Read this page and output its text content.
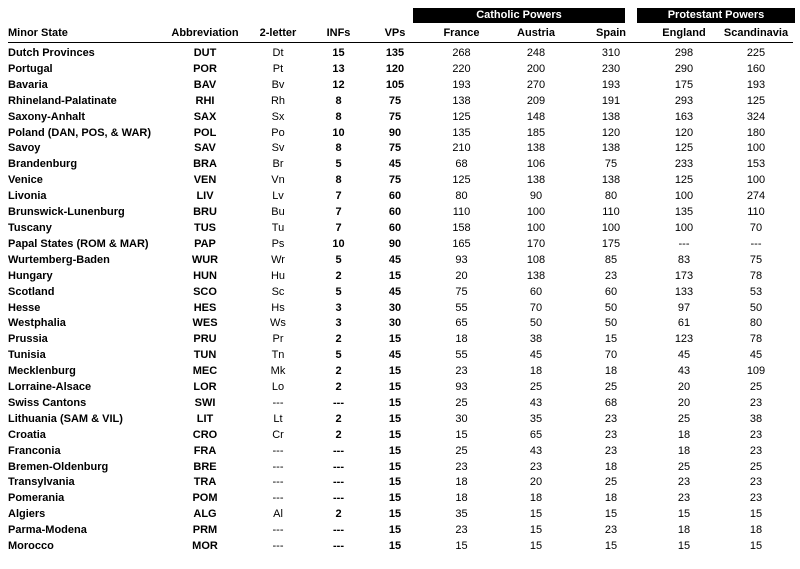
Catholic Powers	Protestant Powers
Minor State	Abbreviation	2-letter	INFs	VPs	France	Austria	Spain	England	Scandinavia
Dutch Provinces	DUT	Dt	15	135	268	248	310	298	225
Portugal	POR	Pt	13	120	220	200	230	290	160
Bavaria	BAV	Bv	12	105	193	270	193	175	193
Rhineland-Palatinate	RHI	Rh	8	75	138	209	191	293	125
Saxony-Anhalt	SAX	Sx	8	75	125	148	138	163	324
Poland (DAN, POS, & WAR)	POL	Po	10	90	135	185	120	120	180
Savoy	SAV	Sv	8	75	210	138	138	125	100
Brandenburg	BRA	Br	5	45	68	106	75	233	153
Venice	VEN	Vn	8	75	125	138	138	125	100
Livonia	LIV	Lv	7	60	80	90	80	100	274
Brunswick-Lunenburg	BRU	Bu	7	60	110	100	110	135	110
Tuscany	TUS	Tu	7	60	158	100	100	100	70
Papal States (ROM & MAR)	PAP	Ps	10	90	165	170	175	---	---
Wurtemberg-Baden	WUR	Wr	5	45	93	108	85	83	75
Hungary	HUN	Hu	2	15	20	138	23	173	78
Scotland	SCO	Sc	5	45	75	60	60	133	53
Hesse	HES	Hs	3	30	55	70	50	97	50
Westphalia	WES	Ws	3	30	65	50	50	61	80
Prussia	PRU	Pr	2	15	18	38	15	123	78
Tunisia	TUN	Tn	5	45	55	45	70	45	45
Mecklenburg	MEC	Mk	2	15	23	18	18	43	109
Lorraine-Alsace	LOR	Lo	2	15	93	25	25	20	25
Swiss Cantons	SWI	---	---	15	25	43	68	20	23
Lithuania (SAM & VIL)	LIT	Lt	2	15	30	35	23	25	38
Croatia	CRO	Cr	2	15	15	65	23	18	23
Franconia	FRA	---	---	15	25	43	23	18	23
Bremen-Oldenburg	BRE	---	---	15	23	23	18	25	25
Transylvania	TRA	---	---	15	18	20	25	23	23
Pomerania	POM	---	---	15	18	18	18	23	23
Algiers	ALG	Al	2	15	35	15	15	15	15
Parma-Modena	PRM	---	---	15	23	15	23	18	18
Morocco	MOR	---	---	15	15	15	15	15	15
